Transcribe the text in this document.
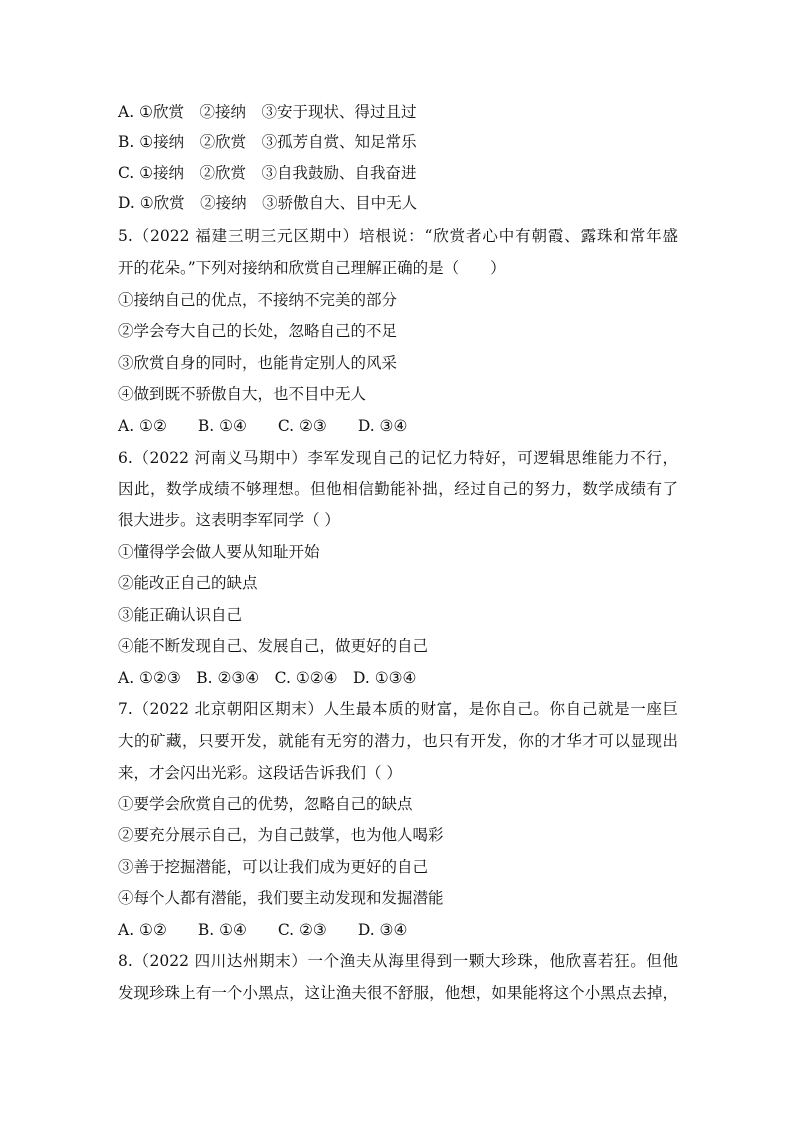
A. ①欣赏　②接纳　③安于现状、得过且过
B. ①接纳　②欣赏　③孤芳自赏、知足常乐
C. ①接纳　②欣赏　③自我鼓励、自我奋进
D. ①欣赏　②接纳　③骄傲自大、目中无人
5.（2022 福建三明三元区期中）培根说：“欣赏者心中有朝霞、露珠和常年盛
开的花朵。”下列对接纳和欣赏自己理解正确的是（　　）
①接纳自己的优点，不接纳不完美的部分
②学会夸大自己的长处，忽略自己的不足
③欣赏自身的同时，也能肯定别人的风采
④做到既不骄傲自大，也不目中无人
A. ①②　　B. ①④　　C. ②③　　D. ③④
6.（2022 河南义马期中）李军发现自己的记忆力特好，可逻辑思维能力不行，
因此，数学成绩不够理想。但他相信勤能补拙，经过自己的努力，数学成绩有了
很大进步。这表明李军同学（ ）
①懂得学会做人要从知耻开始
②能改正自己的缺点
③能正确认识自己
④能不断发现自己、发展自己，做更好的自己
A. ①②③　B. ②③④　C. ①②④　D. ①③④
7.（2022 北京朝阳区期末）人生最本质的财富，是你自己。你自己就是一座巨
大的矿藏，只要开发，就能有无穷的潜力，也只有开发，你的才华才可以显现出
来，才会闪出光彩。这段话告诉我们（ ）
①要学会欣赏自己的优势，忽略自己的缺点
②要充分展示自己，为自己鼓掌，也为他人喝彩
③善于挖掘潜能，可以让我们成为更好的自己
④每个人都有潜能，我们要主动发现和发掘潜能
A. ①②　　B. ①④　　C. ②③　　D. ③④
8.（2022 四川达州期末）一个渔夫从海里得到一颗大珍珠，他欣喜若狂。但他
发现珍珠上有一个小黑点，这让渔夫很不舒服，他想，如果能将这个小黑点去掉，
